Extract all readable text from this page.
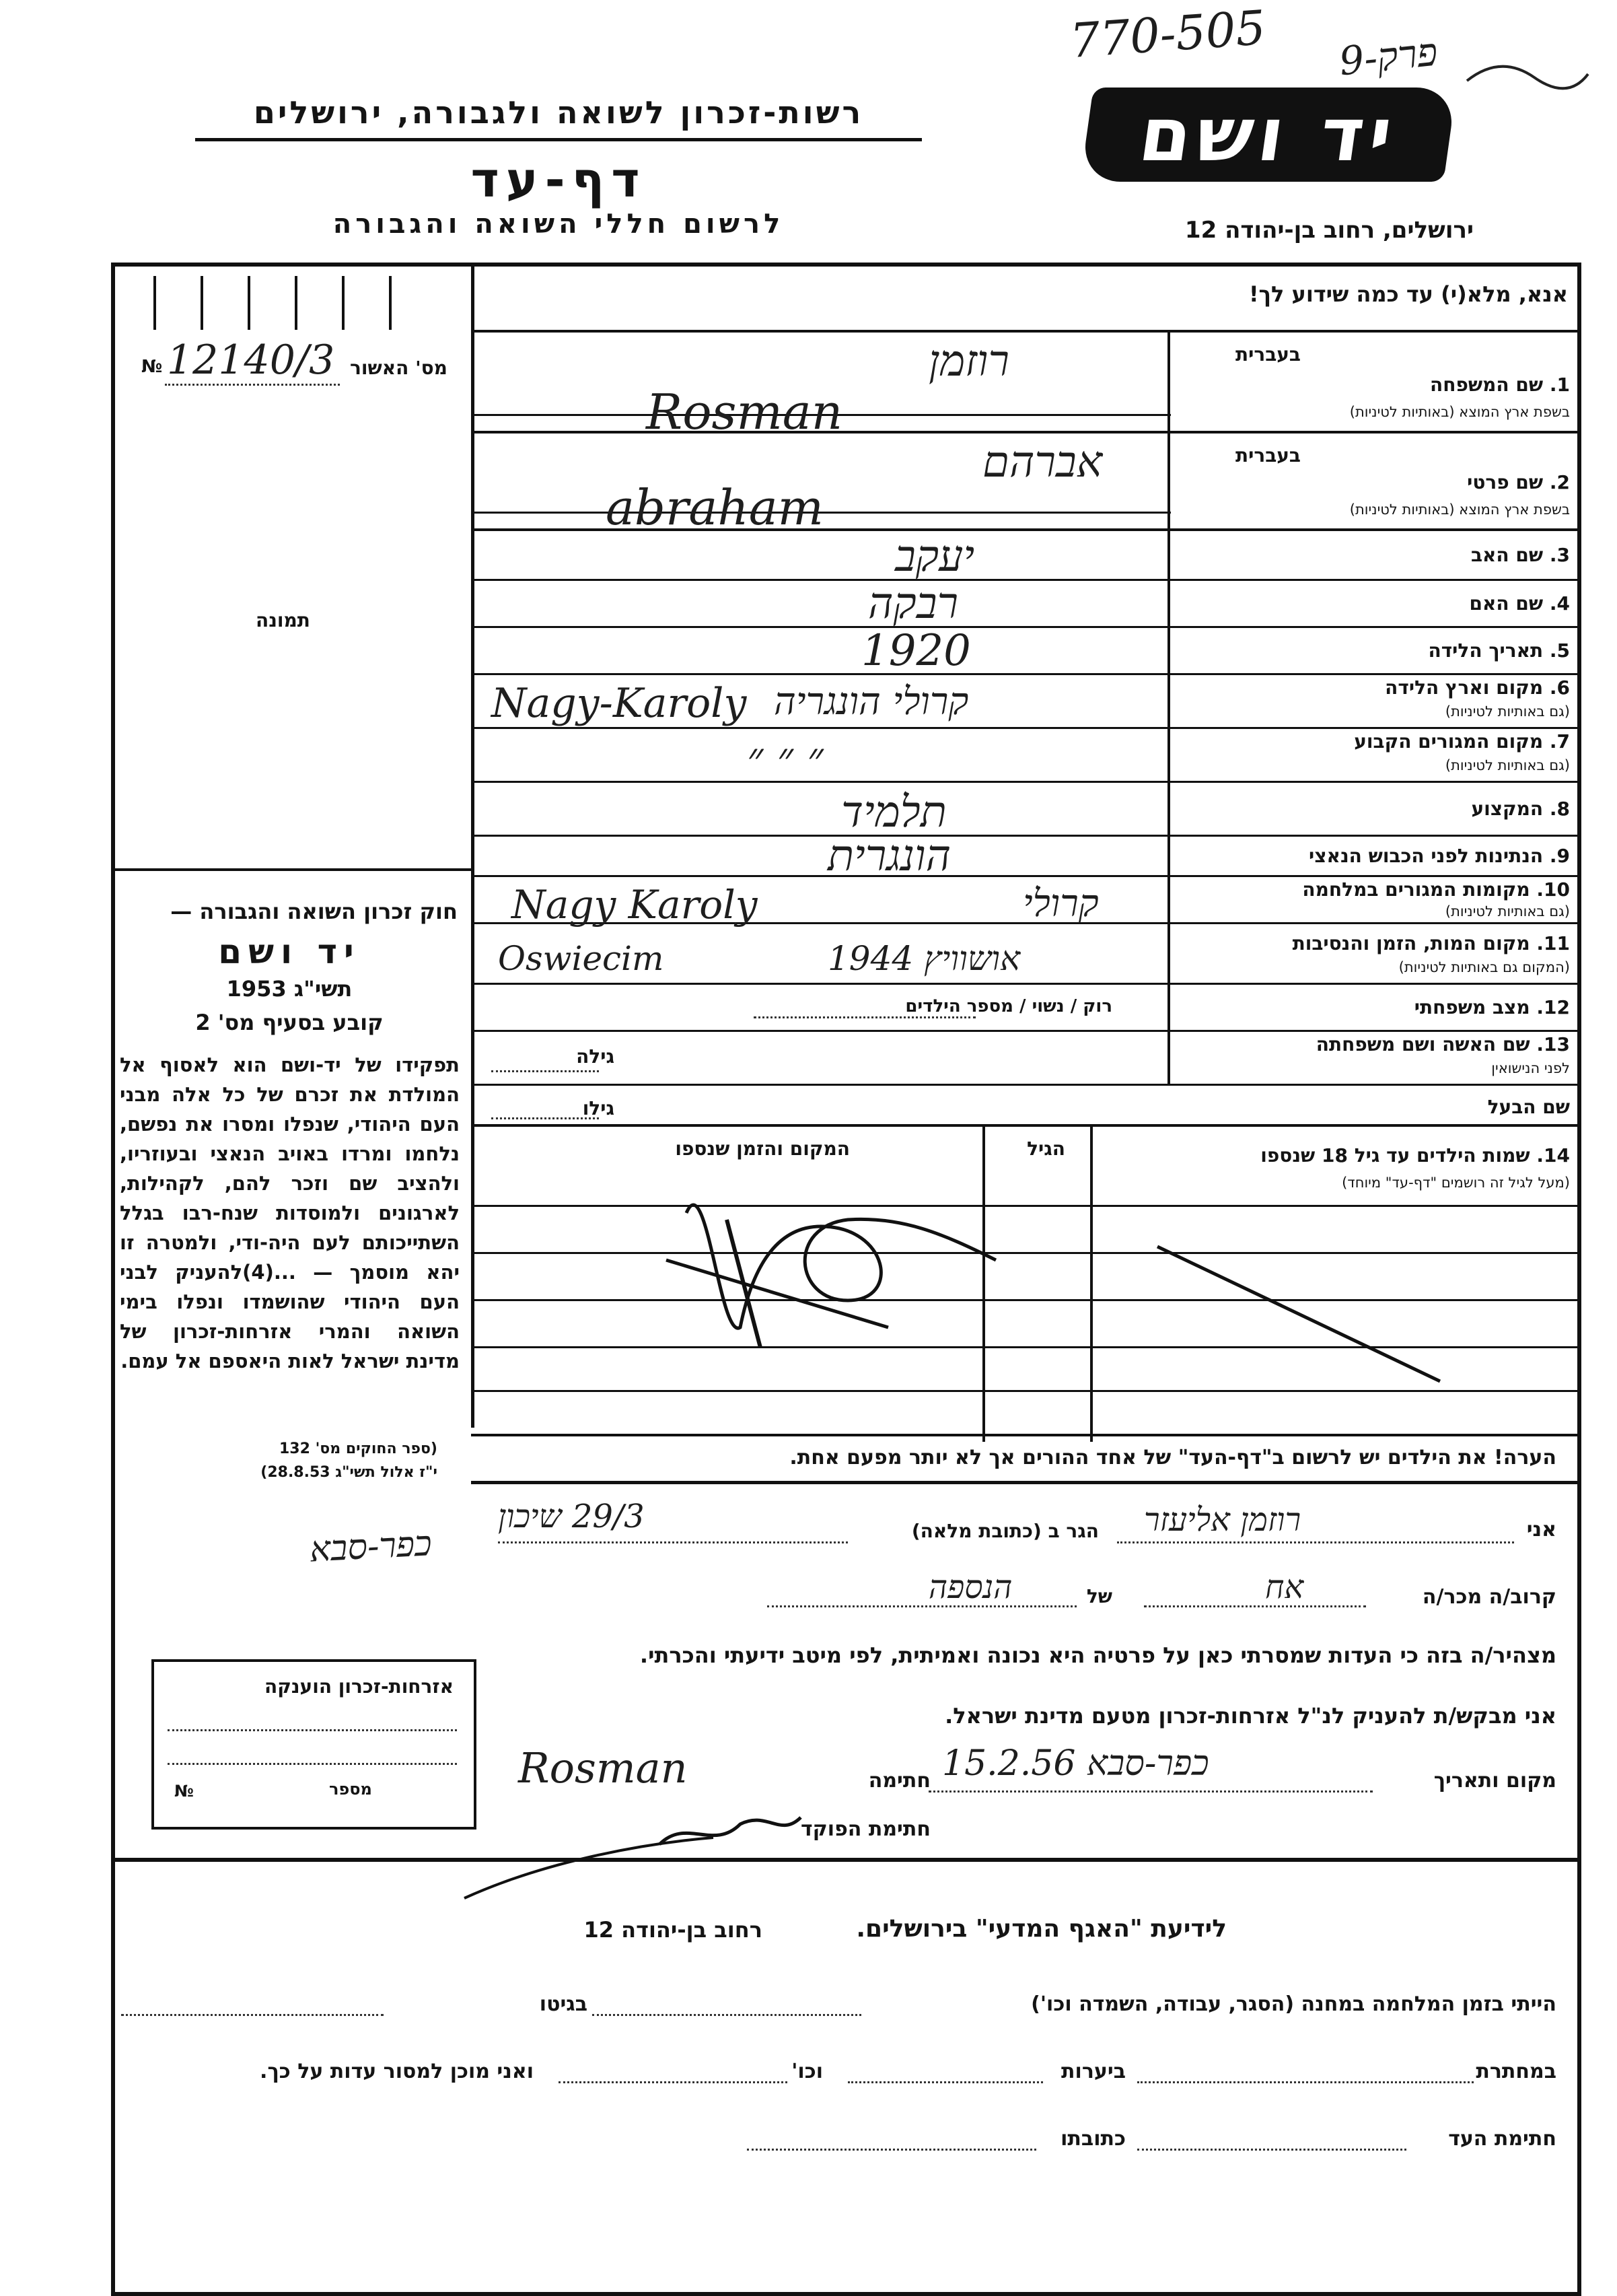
770-505 פרק-9
רשות-זכרון לשואה ולגבורה, ירושלים
דף-עד
לרשום חללי השואה והגבורה
יד ושם
ירושלים, רחוב בן-יהודה 12
אנא, מלא(י) עד כמה שידוע לך!
מס' האשור
№ 12140/3
תמונה
חוק זכרון השואה והגבורה —
יד ושם
תשי"ג 1953
קובע בסעיף מס' 2
תפקידו של יד-ושם הוא לאסוף אל המולדת את זכרם של כל אלה מבני העם היהודי, שנפלו ומסרו את נפשם, נלחמו ומרדו באויב הנאצי ובעוזריו, ולהציב שם וזכר להם, לקהילות, לארגונים ולמוסדות שנח-רבו בגלל השתייכותם לעם היה-ודי, ולמטרה זו יהא מוסמך — ...(4)להעניק לבני העם היהודי שהושמדו ונפלו בימי השואה והמרי אזרחות-זכרון של מדינת ישראל לאות היאספם אל עמם.
(ספר החוקים מס' 132
י"ז אלול תשי"ג 28.8.53)
בעברית
1. שם המשפחה
בשפת ארץ המוצא (באותיות לטיניות)
בעברית
2. שם פרטי
בשפת ארץ המוצא (באותיות לטיניות)
3. שם האב
4. שם האם
5. תאריך הלידה
6. מקום וארץ הלידה
(גם באותיות לטיניות)
7. מקום המגורים הקבוע
(גם באותיות לטיניות)
8. המקצוע
9. הנתינות לפני הכבוש הנאצי
10. מקומות המגורים במלחמה
(גם באותיות לטיניות)
11. מקום המות, הזמן והנסיבות
(המקום גם באותיות לטיניות)
12. מצב משפחתי
רוק / נשוי / מספר הילדים
13. שם האשה ושם משפחתה
לפני הנישואין
גילה
שם הבעל
גילו
רוזמן
Rosman
אברהם
abraham
יעקב
רבקה
1920
Nagy-Karoly קרולי הונגריה
״ ״ ״
תלמיד
הונגרית
Nagy Karoly	קרולי
Oswiecim	אושוויץ 1944
14. שמות הילדים עד גיל 18 שנספו
(מעל לגיל זה רושמים "דף-עד" מיוחד)
הגיל
המקום והזמן שנספו
הערה! את הילדים יש לרשום ב"דף-העד" של אחד ההורים אך לא יותר מפעם אחת.
אני
רוזמן אליעזר
הגר ב (כתובת מלאה)
29/3 שיכון
כפר-סבא
קרוב/ה מכר/ה
אח
של
הנספה
מצהיר/ה בזה כי העדות שמסרתי כאן על פרטיה היא נכונה ואמיתית, לפי מיטב ידיעתי והכרתי.
אני מבקש/ת להעניק לנ"ל אזרחות-זכרון מטעם מדינת ישראל.
מקום ותאריך
כפר-סבא 15.2.56
חתימה
Rosman
חתימת הפוקד
אזרחות-זכרון הוענקה
מספר
№
לידיעת "האגף המדעי" בירושלים.
רחוב בן-יהודה 12
הייתי בזמן המלחמה במחנה (הסגר, עבודה, השמדה וכו')
בגיטו
במחתרת
ביערות
וכו'
ואני מוכן למסור עדות על כך.
חתימת העד
כתובתו
